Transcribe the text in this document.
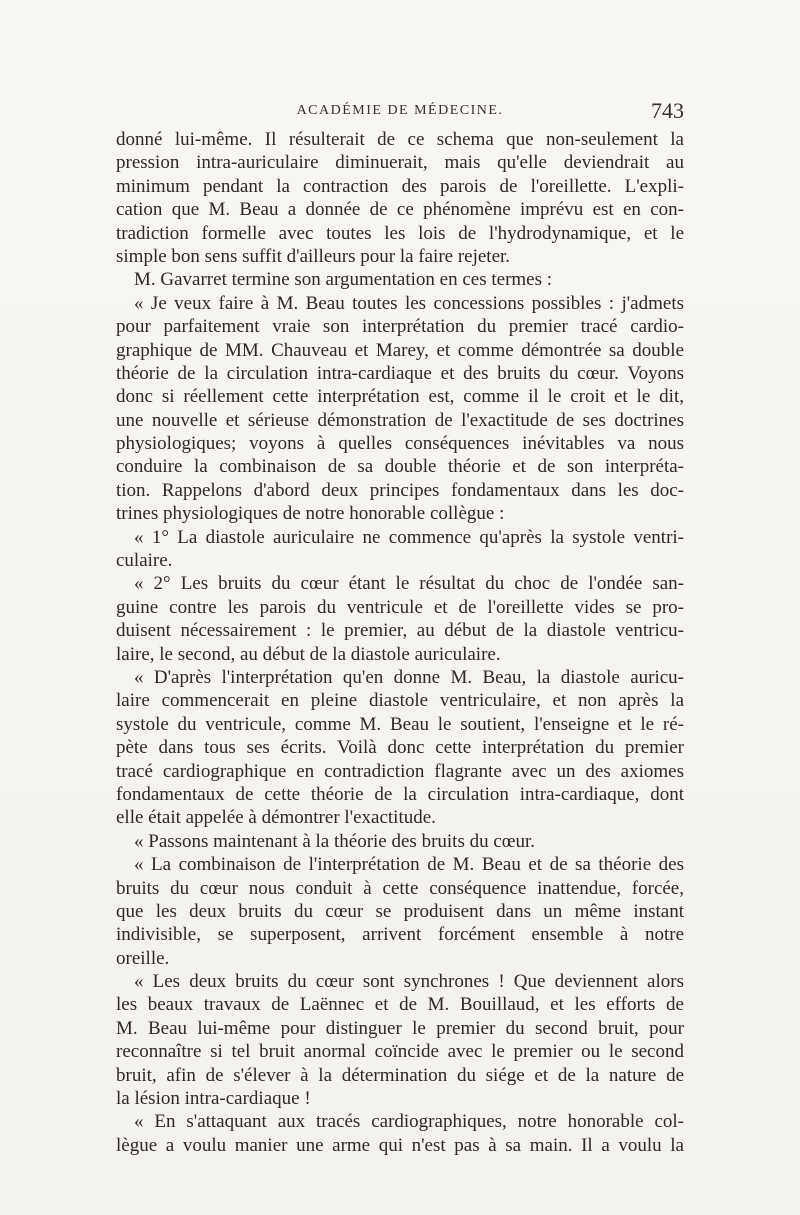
ACADÉMIE DE MÉDECINE.	743
donné lui-même. Il résulterait de ce schema que non-seulement la
pression intra-auriculaire diminuerait, mais qu'elle deviendrait au
minimum pendant la contraction des parois de l'oreillette. L'expli-
cation que M. Beau a donnée de ce phénomène imprévu est en con-
tradiction formelle avec toutes les lois de l'hydrodynamique, et le
simple bon sens suffit d'ailleurs pour la faire rejeter.
M. Gavarret termine son argumentation en ces termes :
« Je veux faire à M. Beau toutes les concessions possibles : j'admets
pour parfaitement vraie son interprétation du premier tracé cardio-
graphique de MM. Chauveau et Marey, et comme démontrée sa double
théorie de la circulation intra-cardiaque et des bruits du cœur. Voyons
donc si réellement cette interprétation est, comme il le croit et le dit,
une nouvelle et sérieuse démonstration de l'exactitude de ses doctrines
physiologiques; voyons à quelles conséquences inévitables va nous
conduire la combinaison de sa double théorie et de son interpréta-
tion. Rappelons d'abord deux principes fondamentaux dans les doc-
trines physiologiques de notre honorable collègue :
« 1° La diastole auriculaire ne commence qu'après la systole ventri-
culaire.
« 2° Les bruits du cœur étant le résultat du choc de l'ondée san-
guine contre les parois du ventricule et de l'oreillette vides se pro-
duisent nécessairement : le premier, au début de la diastole ventricu-
laire, le second, au début de la diastole auriculaire.
« D'après l'interprétation qu'en donne M. Beau, la diastole auricu-
laire commencerait en pleine diastole ventriculaire, et non après la
systole du ventricule, comme M. Beau le soutient, l'enseigne et le ré-
pète dans tous ses écrits. Voilà donc cette interprétation du premier
tracé cardiographique en contradiction flagrante avec un des axiomes
fondamentaux de cette théorie de la circulation intra-cardiaque, dont
elle était appelée à démontrer l'exactitude.
« Passons maintenant à la théorie des bruits du cœur.
« La combinaison de l'interprétation de M. Beau et de sa théorie des
bruits du cœur nous conduit à cette conséquence inattendue, forcée,
que les deux bruits du cœur se produisent dans un même instant
indivisible, se superposent, arrivent forcément ensemble à notre
oreille.
« Les deux bruits du cœur sont synchrones ! Que deviennent alors
les beaux travaux de Laënnec et de M. Bouillaud, et les efforts de
M. Beau lui-même pour distinguer le premier du second bruit, pour
reconnaître si tel bruit anormal coïncide avec le premier ou le second
bruit, afin de s'élever à la détermination du siége et de la nature de
la lésion intra-cardiaque !
« En s'attaquant aux tracés cardiographiques, notre honorable col-
lègue a voulu manier une arme qui n'est pas à sa main. Il a voulu la
